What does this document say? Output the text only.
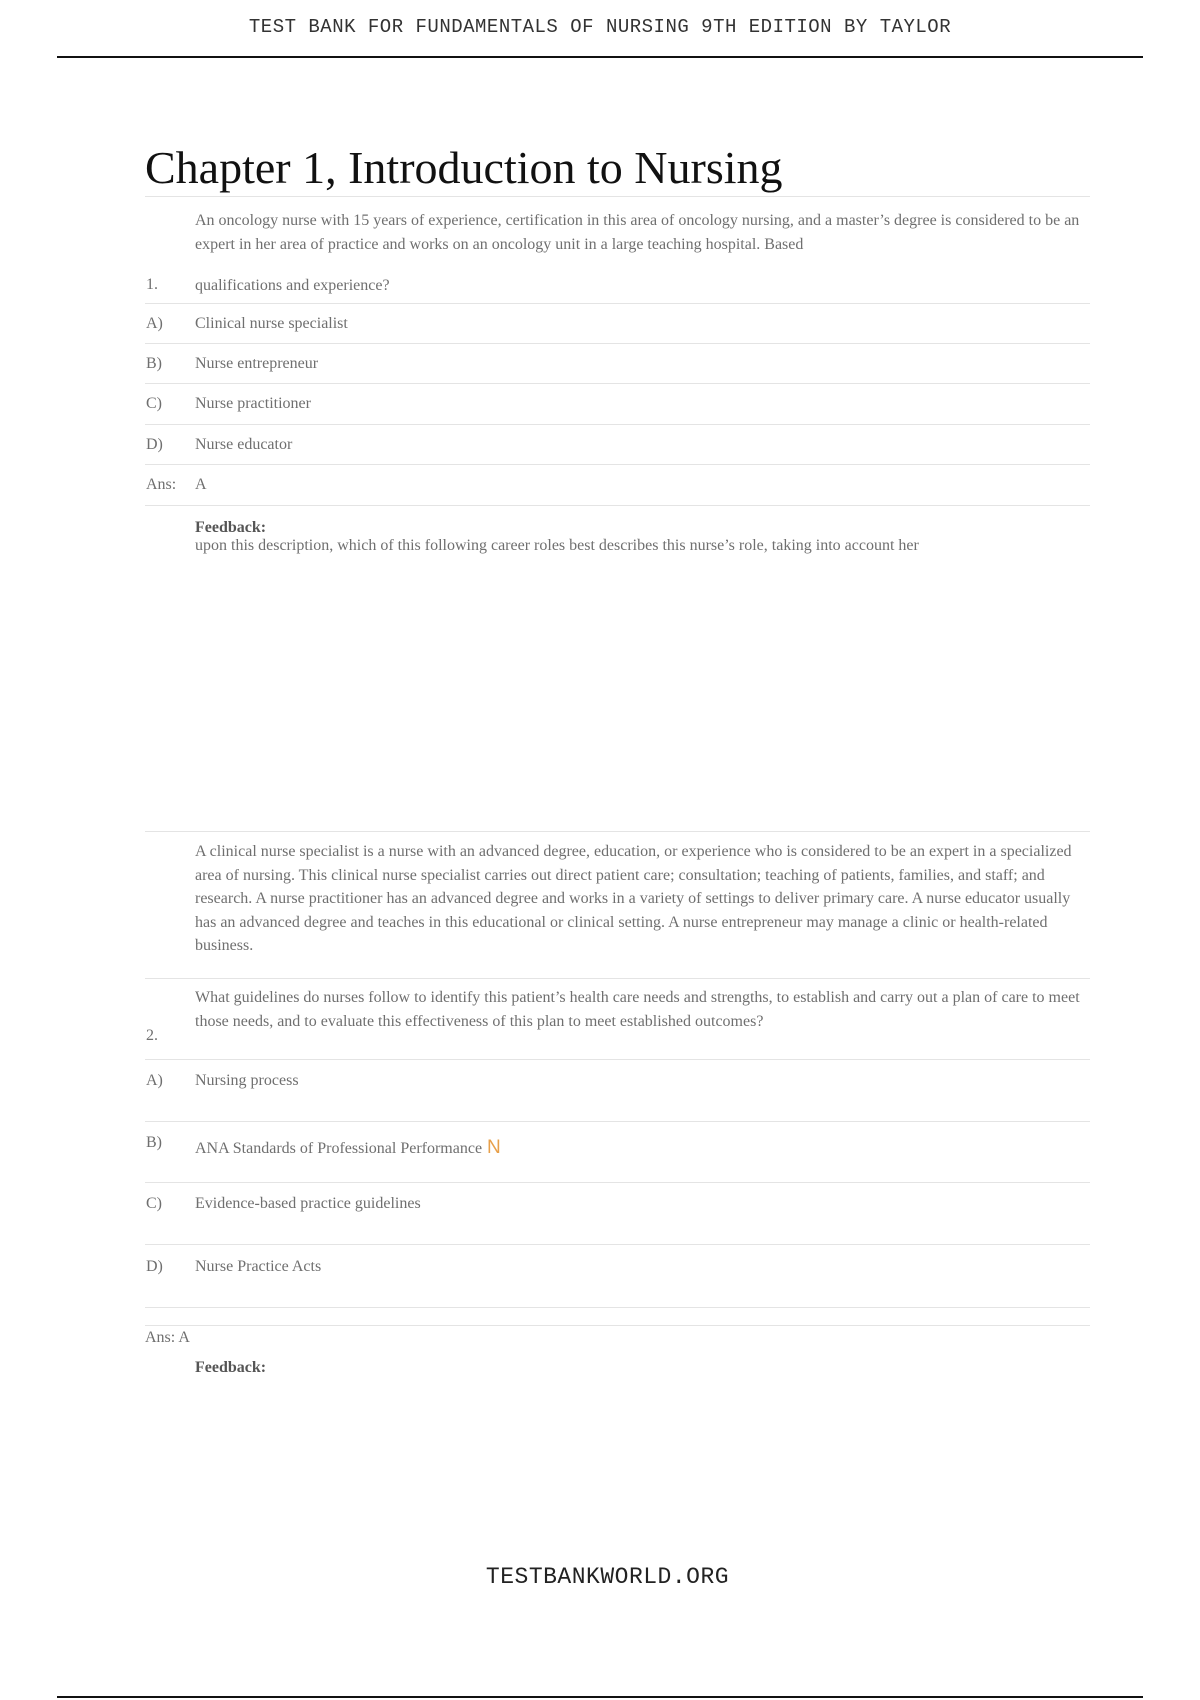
TEST BANK FOR FUNDAMENTALS OF NURSING 9TH EDITION BY TAYLOR
Chapter 1, Introduction to Nursing
An oncology nurse with 15 years of experience, certification in this area of oncology nursing, and a master’s degree is considered to be an expert in her area of practice and works on an oncology unit in a large teaching hospital. Based
1. qualifications and experience?
A) Clinical nurse specialist
B) Nurse entrepreneur
C) Nurse practitioner
D) Nurse educator
Ans: A
Feedback:
upon this description, which of this following career roles best describes this nurse’s role, taking into account her
A clinical nurse specialist is a nurse with an advanced degree, education, or experience who is considered to be an expert in a specialized area of nursing. This clinical nurse specialist carries out direct patient care; consultation; teaching of patients, families, and staff; and research. A nurse practitioner has an advanced degree and works in a variety of settings to deliver primary care. A nurse educator usually has an advanced degree and teaches in this educational or clinical setting. A nurse entrepreneur may manage a clinic or health-related business.
What guidelines do nurses follow to identify this patient’s health care needs and strengths, to establish and carry out a plan of care to meet those needs, and to evaluate this effectiveness of this plan to meet established outcomes?
2.
A) Nursing process
B) ANA Standards of Professional Performance N
C) Evidence-based practice guidelines
D) Nurse Practice Acts
Ans: A
Feedback:
TESTBANKWORLD.ORG
